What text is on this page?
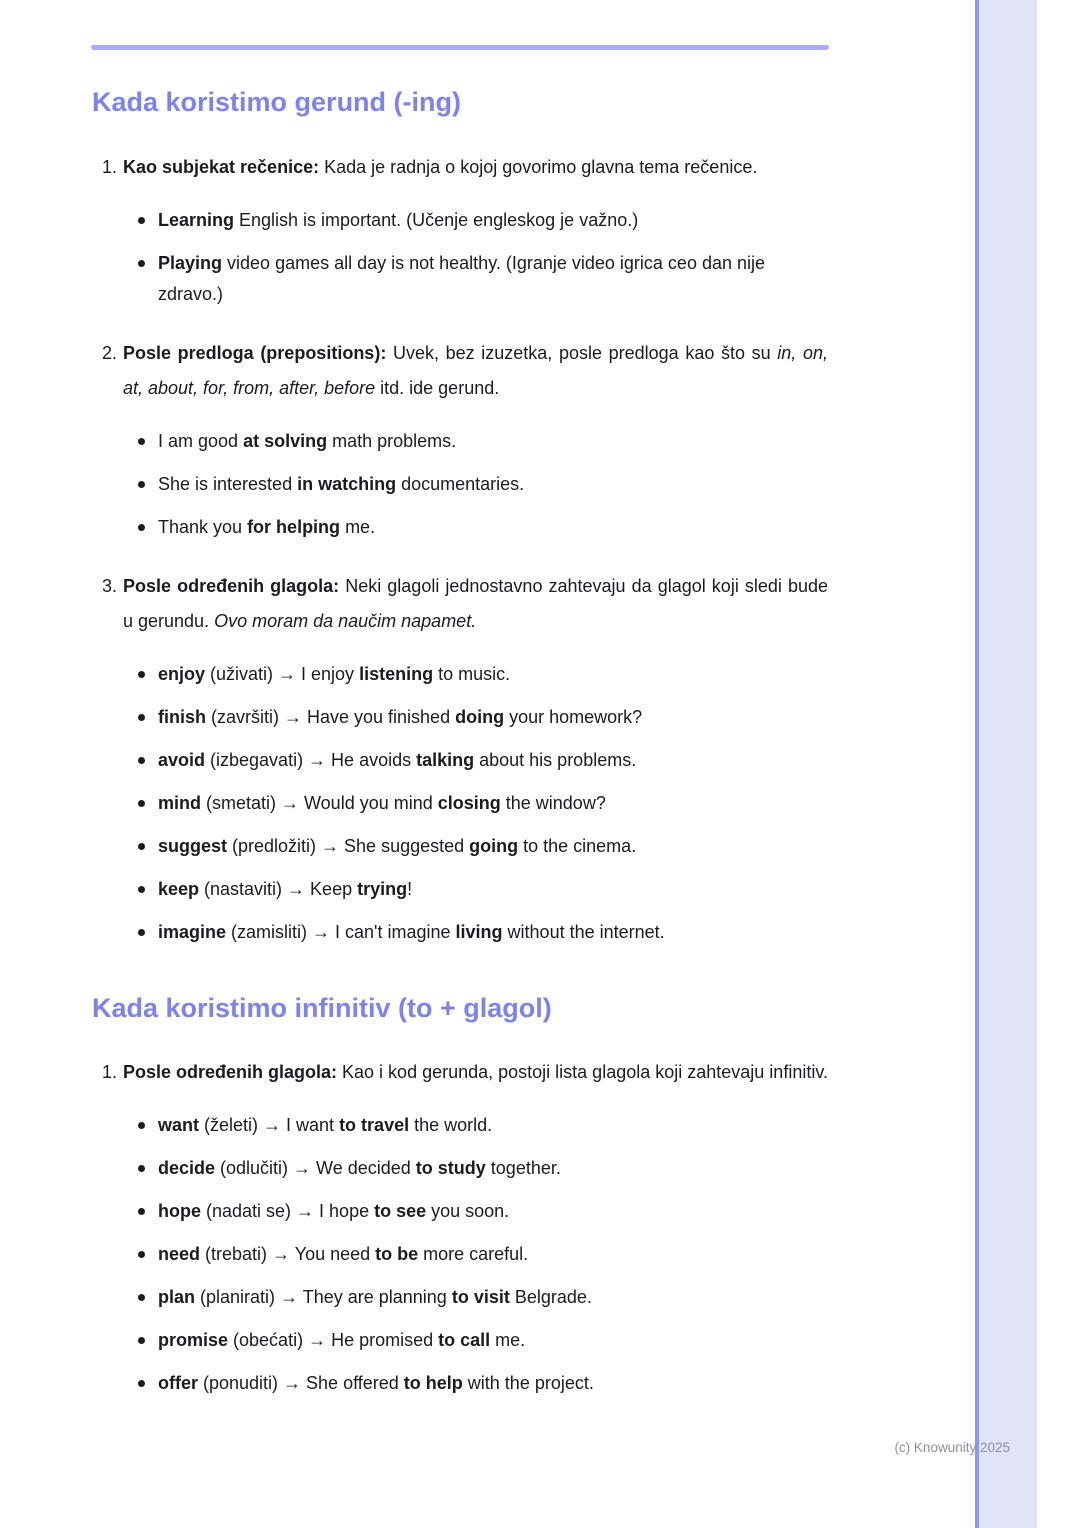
Kada koristimo gerund (-ing)
1. Kao subjekat rečenice: Kada je radnja o kojoj govorimo glavna tema rečenice.
Learning English is important. (Učenje engleskog je važno.)
Playing video games all day is not healthy. (Igranje video igrica ceo dan nije zdravo.)
2. Posle predloga (prepositions): Uvek, bez izuzetka, posle predloga kao što su in, on, at, about, for, from, after, before itd. ide gerund.
I am good at solving math problems.
She is interested in watching documentaries.
Thank you for helping me.
3. Posle određenih glagola: Neki glagoli jednostavno zahtevaju da glagol koji sledi bude u gerundu. Ovo moram da naučim napamet.
enjoy (uživati) → I enjoy listening to music.
finish (završiti) → Have you finished doing your homework?
avoid (izbegavati) → He avoids talking about his problems.
mind (smetati) → Would you mind closing the window?
suggest (predložiti) → She suggested going to the cinema.
keep (nastaviti) → Keep trying!
imagine (zamisliti) → I can't imagine living without the internet.
Kada koristimo infinitiv (to + glagol)
1. Posle određenih glagola: Kao i kod gerunda, postoji lista glagola koji zahtevaju infinitiv.
want (želeti) → I want to travel the world.
decide (odlučiti) → We decided to study together.
hope (nadati se) → I hope to see you soon.
need (trebati) → You need to be more careful.
plan (planirati) → They are planning to visit Belgrade.
promise (obećati) → He promised to call me.
offer (ponuditi) → She offered to help with the project.
(c) Knowunity 2025
